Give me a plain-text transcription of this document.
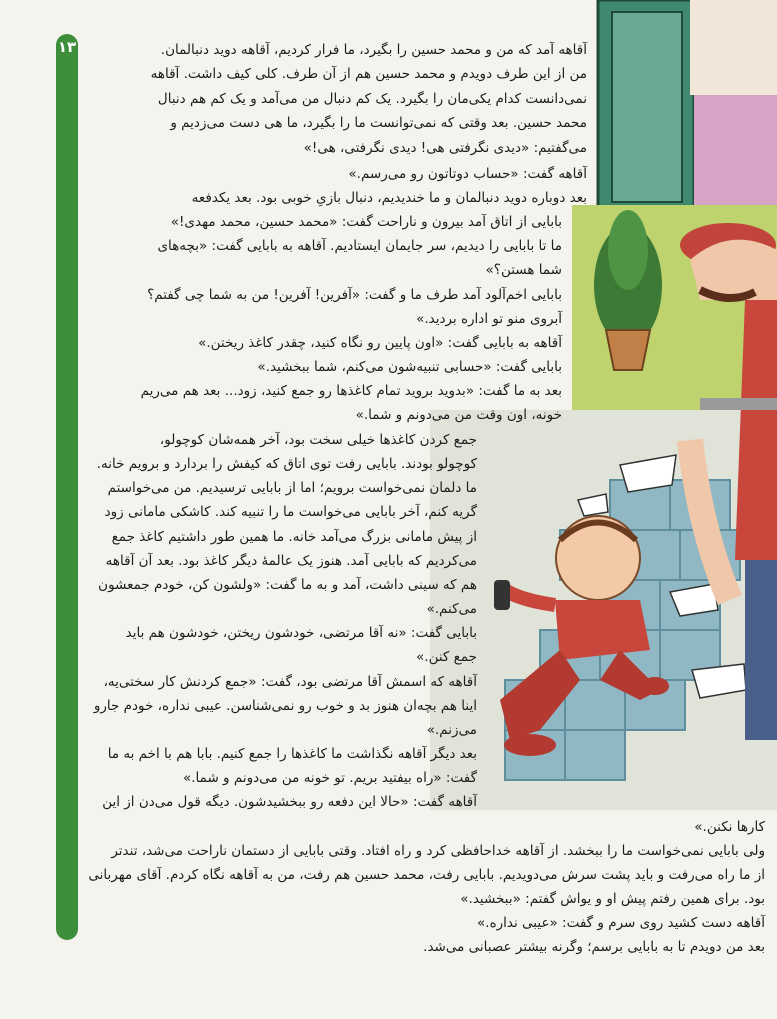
۱۳	آقاهه آمد که من و محمد حسین را بگیرد، ما فرار کردیم، آقاهه دوید دنبالمان.
من از این طرف دویدم و محمد حسین هم از آن طرف. کلی کیف داشت. آقاهه
نمی‌دانست کدام یکی‌مان را بگیرد. یک کم دنبال من می‌آمد و یک کم هم دنبال
محمد حسین. بعد وقتی که نمی‌توانست ما را بگیرد، ما هی دست می‌زدیم و
می‌گفتیم: «دیدی نگرفتی هی! دیدی نگرفتی، هی!»
آقاهه گفت: «حساب دوتاتون رو می‌رسم.»
بعد دوباره دوید دنبالمان و ما خندیدیم، دنبال بازیِ خوبی بود. بعد یکدفعه
بابایی از اتاق آمد بیرون و ناراحت گفت: «محمد حسین، محمد مهدی!»
ما تا بابایی را دیدیم، سر جایمان ایستادیم. آقاهه به بابایی گفت: «بچه‌های
شما هستن؟»
بابایی اخم‌آلود آمد طرف ما و گفت: «آفرین! آفرین! من به شما چی گفتم؟
آبروی منو تو اداره بردید.»
آقاهه به بابایی گفت: «اون پایین رو نگاه کنید، چقدر کاغذ ریختن.»
بابایی گفت: «حسابی تنبیه‌شون می‌کنم، شما ببخشید.»
بعد به ما گفت: «بدوید بروید تمام کاغذها رو جمع کنید، زود... بعد هم می‌ریم
خونه، اون وقت من می‌دونم و شما.»
جمع کردن کاغذها خیلی سخت بود، آخر همه‌شان کوچولو،
کوچولو بودند. بابایی رفت توی اتاق که کیفش را بردارد و برویم خانه.
ما دلمان نمی‌خواست برویم؛ اما از بابایی ترسیدیم. من می‌خواستم
گریه کنم، آخر بابایی می‌خواست ما را تنبیه کند. کاشکی مامانی زود
از پیش مامانی بزرگ می‌آمد خانه. ما همین طور داشتیم کاغذ جمع
می‌کردیم که بابایی آمد. هنوز یک عالمهٔ دیگر کاغذ بود. بعد آن آقاهه
هم که سینی داشت، آمد و به ما گفت: «ولشون کن، خودم جمعشون
می‌کنم.»
بابایی گفت: «نه آقا مرتضی، خودشون ریختن، خودشون هم باید
جمع کنن.»
آقاهه که اسمش آقا مرتضی بود، گفت: «جمع کردنش کار سختی‌یه،
اینا هم بچه‌ان هنوز بد و خوب رو نمی‌شناسن. عیبی نداره، خودم جارو
می‌زنم.»
بعد دیگر آقاهه نگذاشت ما کاغذها را جمع کنیم. بابا هم با اخم به ما
گفت: «راه بیفتید بریم. تو خونه من می‌دونم و شما.»
آقاهه گفت: «حالا این دفعه رو ببخشیدشون. دیگه قول می‌دن از این
کارها نکنن.»
ولی بابایی نمی‌خواست ما را ببخشد. از آقاهه خداحافظی کرد و راه افتاد. وقتی بابایی از دستمان ناراحت می‌شد، تندتر
از ما راه می‌رفت و باید پشت سرش می‌دویدیم. بابایی رفت، محمد حسین هم رفت، من به آقاهه نگاه کردم. آقای مهربانی
بود. برای همین رفتم پیش او و یواش گفتم: «ببخشید.»
آقاهه دست کشید روی سرم و گفت: «عیبی نداره.»
بعد من دویدم تا به بابایی برسم؛ وگرنه بیشتر عصبانی می‌شد.
